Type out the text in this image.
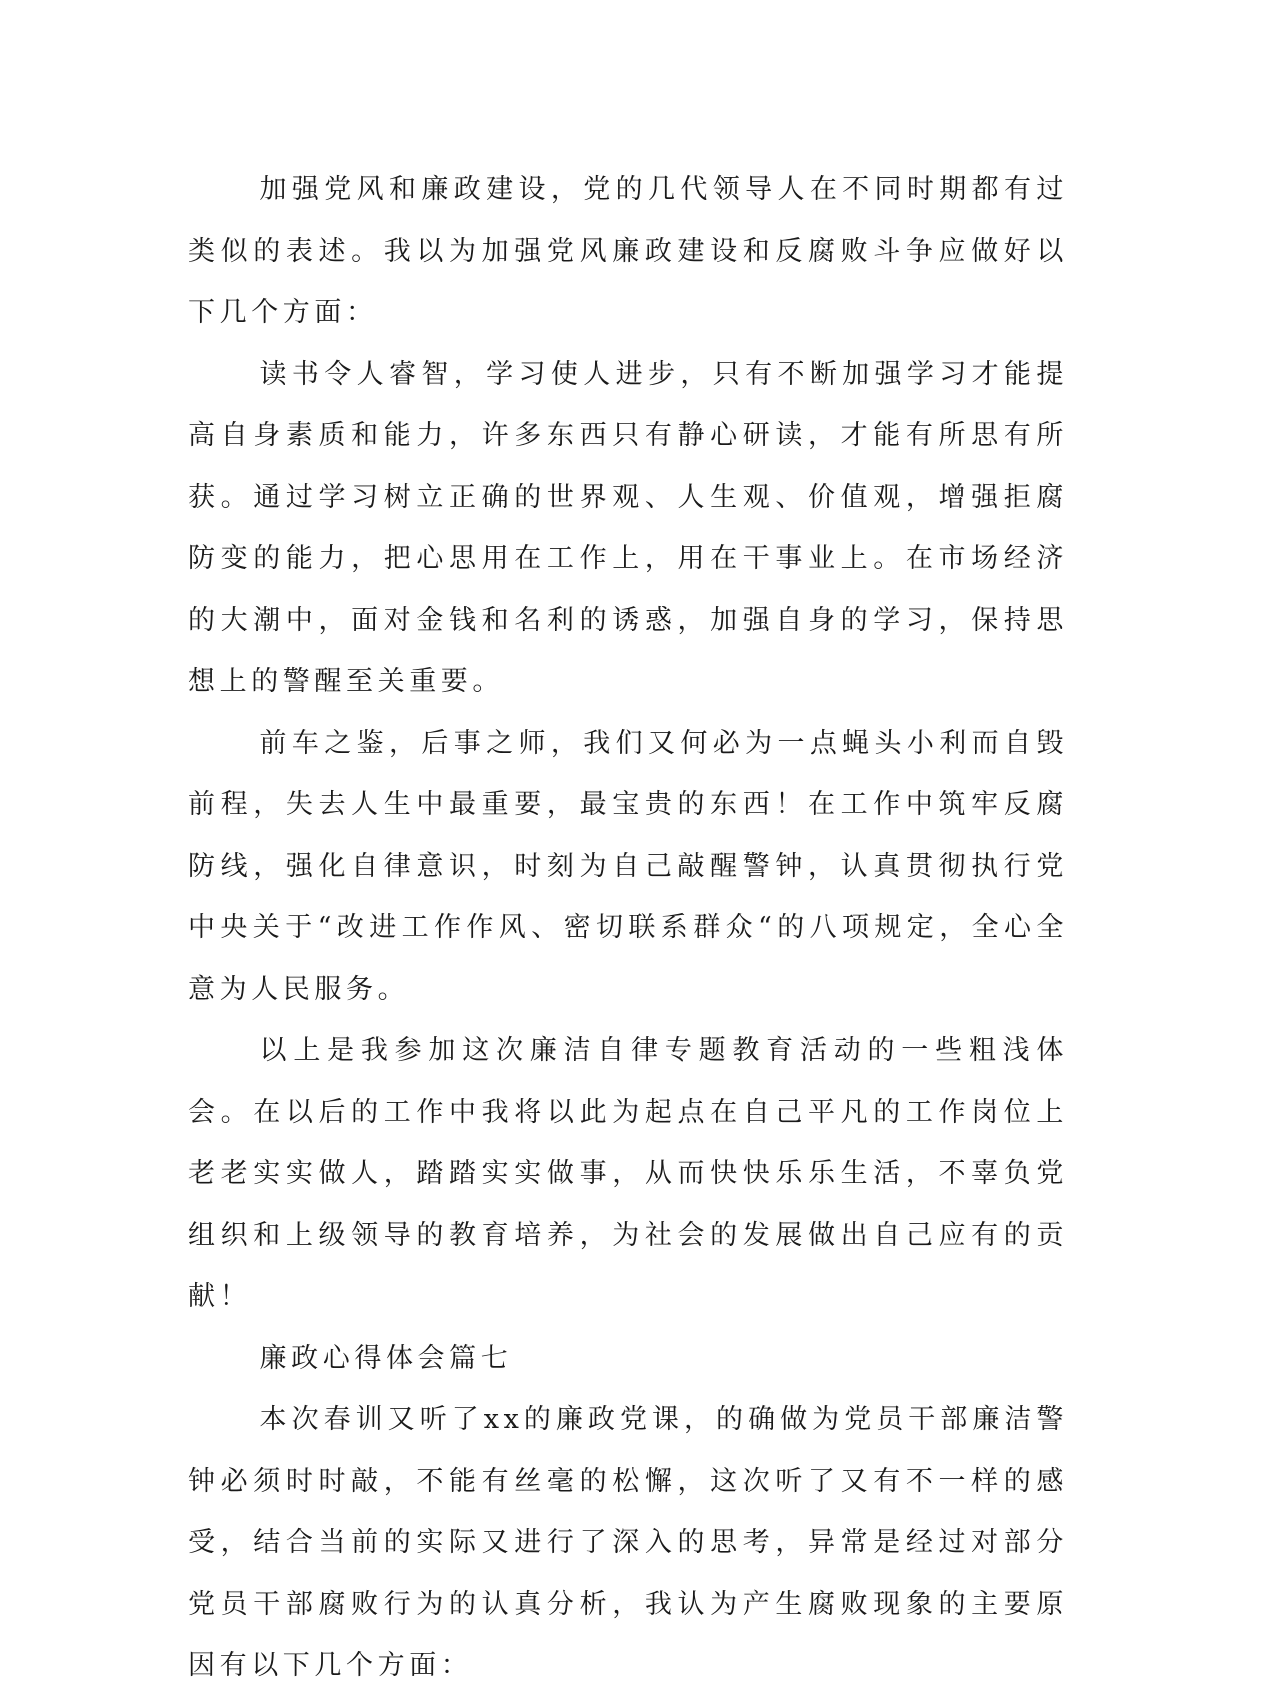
加强党风和廉政建设，党的几代领导人在不同时期都有过类似的表述。我以为加强党风廉政建设和反腐败斗争应做好以下几个方面：

读书令人睿智，学习使人进步，只有不断加强学习才能提高自身素质和能力，许多东西只有静心研读，才能有所思有所获。通过学习树立正确的世界观、人生观、价值观，增强拒腐防变的能力，把心思用在工作上，用在干事业上。在市场经济的大潮中，面对金钱和名利的诱惑，加强自身的学习，保持思想上的警醒至关重要。

前车之鉴，后事之师，我们又何必为一点蝇头小利而自毁前程，失去人生中最重要，最宝贵的东西！在工作中筑牢反腐防线，强化自律意识，时刻为自己敲醒警钟，认真贯彻执行党中央关于“改进工作作风、密切联系群众“的八项规定，全心全意为人民服务。

以上是我参加这次廉洁自律专题教育活动的一些粗浅体会。在以后的工作中我将以此为起点在自己平凡的工作岗位上老老实实做人，踏踏实实做事，从而快快乐乐生活，不辜负党组织和上级领导的教育培养，为社会的发展做出自己应有的贡献！

廉政心得体会篇七

本次春训又听了xx的廉政党课，的确做为党员干部廉洁警钟必须时时敲，不能有丝毫的松懈，这次听了又有不一样的感受，结合当前的实际又进行了深入的思考，异常是经过对部分党员干部腐败行为的认真分析，我认为产生腐败现象的主要原因有以下几个方面：
